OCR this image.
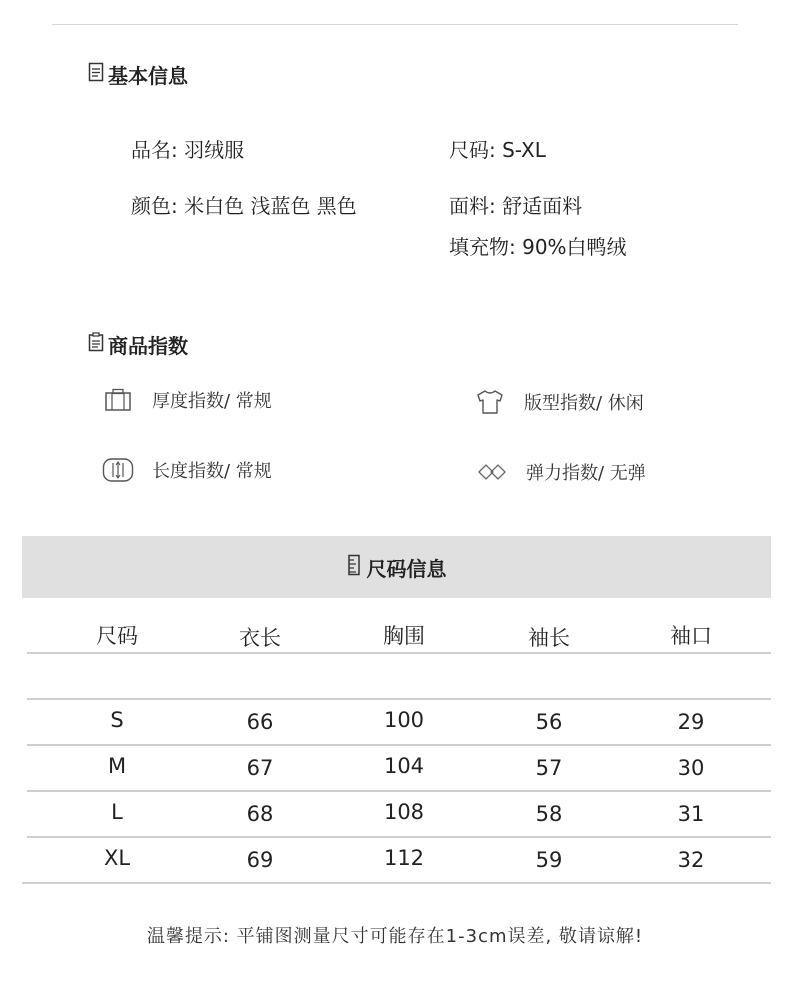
基本信息
品名: 羽绒服	尺码: S-XL
颜色: 米白色 浅蓝色 黑色	面料: 舒适面料
填充物: 90%白鸭绒
商品指数
厚度指数/ 常规	版型指数/ 休闲
长度指数/ 常规	弹力指数/ 无弹
尺码信息
尺码	衣长	胸围	袖长	袖口
S	66	100	56	29
M	67	104	57	30
L	68	108	58	31
XL	69	112	59	32
温馨提示: 平铺图测量尺寸可能存在1-3cm误差, 敬请谅解!
